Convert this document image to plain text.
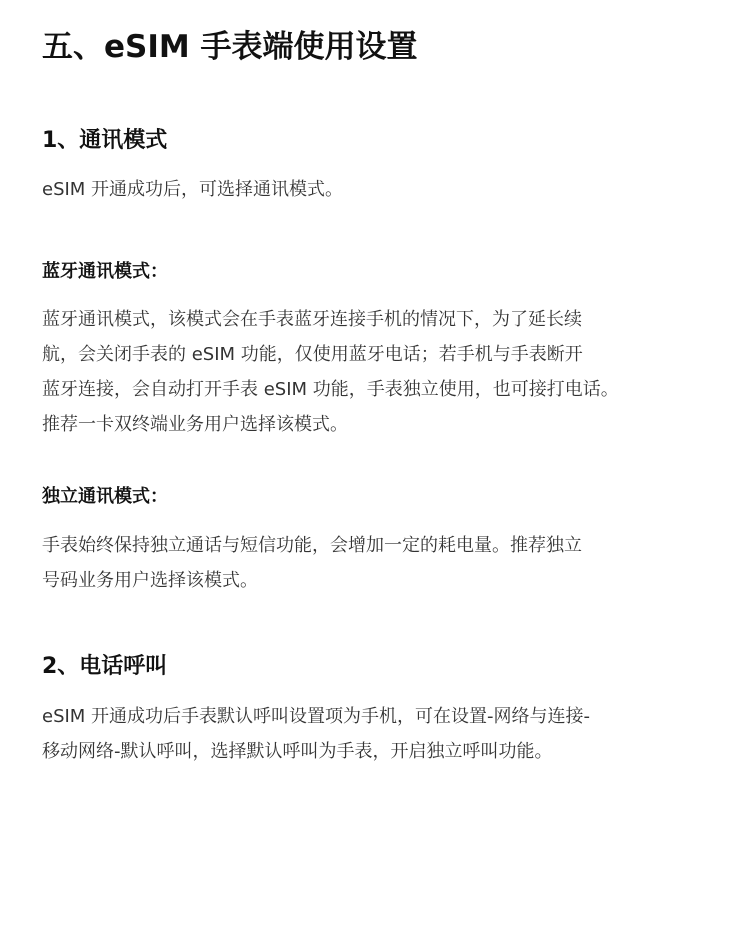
五、eSIM 手表端使用设置
1、通讯模式
eSIM 开通成功后，可选择通讯模式。
蓝牙通讯模式：
蓝牙通讯模式，该模式会在手表蓝牙连接手机的情况下，为了延长续
航，会关闭手表的 eSIM 功能，仅使用蓝牙电话；若手机与手表断开
蓝牙连接，会自动打开手表 eSIM 功能，手表独立使用，也可接打电话。
推荐一卡双终端业务用户选择该模式。
独立通讯模式：
手表始终保持独立通话与短信功能，会增加一定的耗电量。推荐独立
号码业务用户选择该模式。
2、电话呼叫
eSIM 开通成功后手表默认呼叫设置项为手机，可在设置-网络与连接-
移动网络-默认呼叫，选择默认呼叫为手表，开启独立呼叫功能。
